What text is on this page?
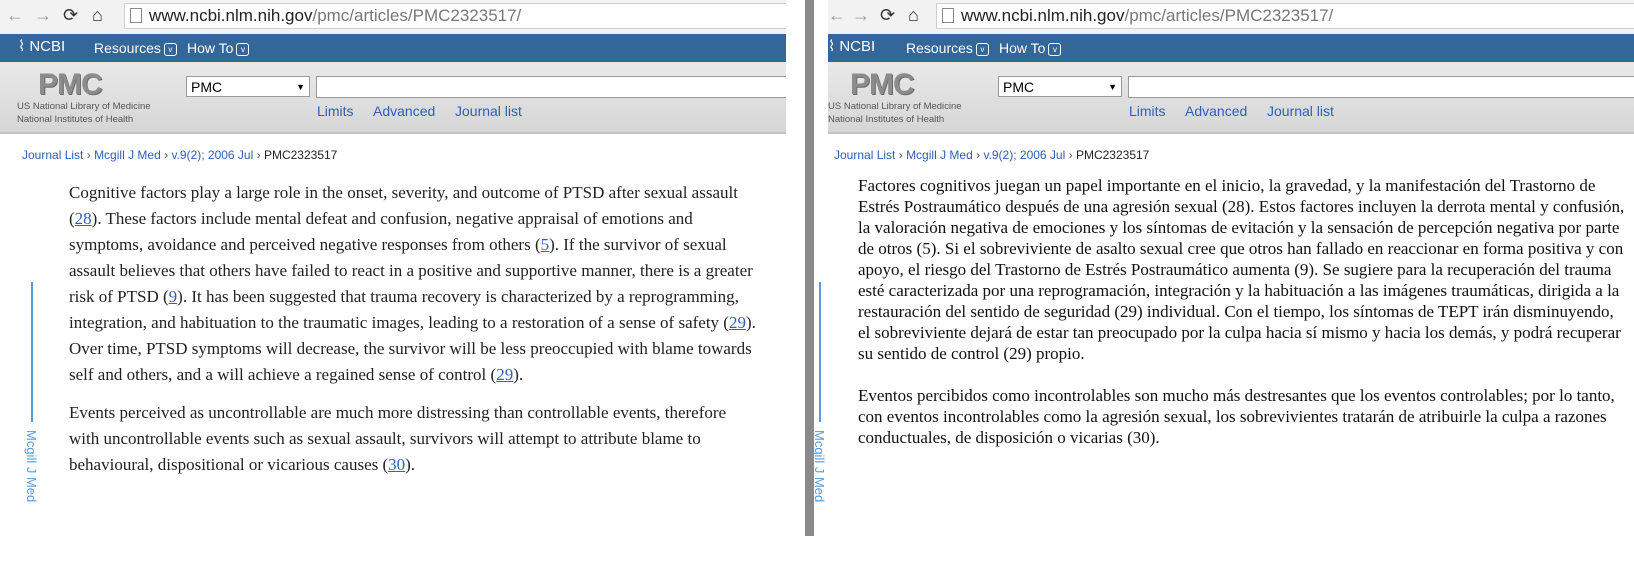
← → ⟳ ⌂	www.ncbi.nlm.nih.gov/pmc/articles/PMC2323517/
⌇ NCBI Resources v	How To v
PMC
US National Library of Medicine
National Institutes of Health
PMC	▼
Limits Advanced Journal list
Journal List › Mcgill J Med › v.9(2); 2006 Jul › PMC2323517
Mcgill J Med

Cognitive factors play a large role in the onset, severity, and outcome of PTSD after sexual assault (28). These factors include mental defeat and confusion, negative appraisal of emotions and symptoms, avoidance and perceived negative responses from others (5). If the survivor of sexual assault believes that others have failed to react in a positive and supportive manner, there is a greater risk of PTSD (9). It has been suggested that trauma recovery is characterized by a reprogramming, integration, and habituation to the traumatic images, leading to a restoration of a sense of safety (29). Over time, PTSD symptoms will decrease, the survivor will be less preoccupied with blame towards self and others, and a will achieve a regained sense of control (29).

Events perceived as uncontrollable are much more distressing than controllable events, therefore with uncontrollable events such as sexual assault, survivors will attempt to attribute blame to behavioural, dispositional or vicarious causes (30).

← → ⟳ ⌂ www.ncbi.nlm.nih.gov/pmc/articles/PMC2323517/
⌇ NCBI Resources v	How To v
PMC
US National Library of Medicine
National Institutes of Health
PMC	▼
Limits Advanced Journal list
Journal List › Mcgill J Med › v.9(2); 2006 Jul › PMC2323517
Mcgill J Med

Factores cognitivos juegan un papel importante en el inicio, la gravedad, y la manifestación del Trastorno de Estrés Postraumático después de una agresión sexual (28). Estos factores incluyen la derrota mental y confusión, la valoración negativa de emociones y los síntomas de evitación y la sensación de percepción negativa por parte de otros (5). Si el sobreviviente de asalto sexual cree que otros han fallado en reaccionar en forma positiva y con apoyo, el riesgo del Trastorno de Estrés Postraumático aumenta (9). Se sugiere para la recuperación del trauma esté caracterizada por una reprogramación, integración y la habituación a las imágenes traumáticas, dirigida a la restauración del sentido de seguridad (29) individual. Con el tiempo, los síntomas de TEPT irán disminuyendo, el sobreviviente dejará de estar tan preocupado por la culpa hacia sí mismo y hacia los demás, y podrá recuperar su sentido de control (29) propio.

Eventos percibidos como incontrolables son mucho más destresantes que los eventos controlables; por lo tanto, con eventos incontrolables como la agresión sexual, los sobrevivientes tratarán de atribuirle la culpa a razones conductuales, de disposición o vicarias (30).
